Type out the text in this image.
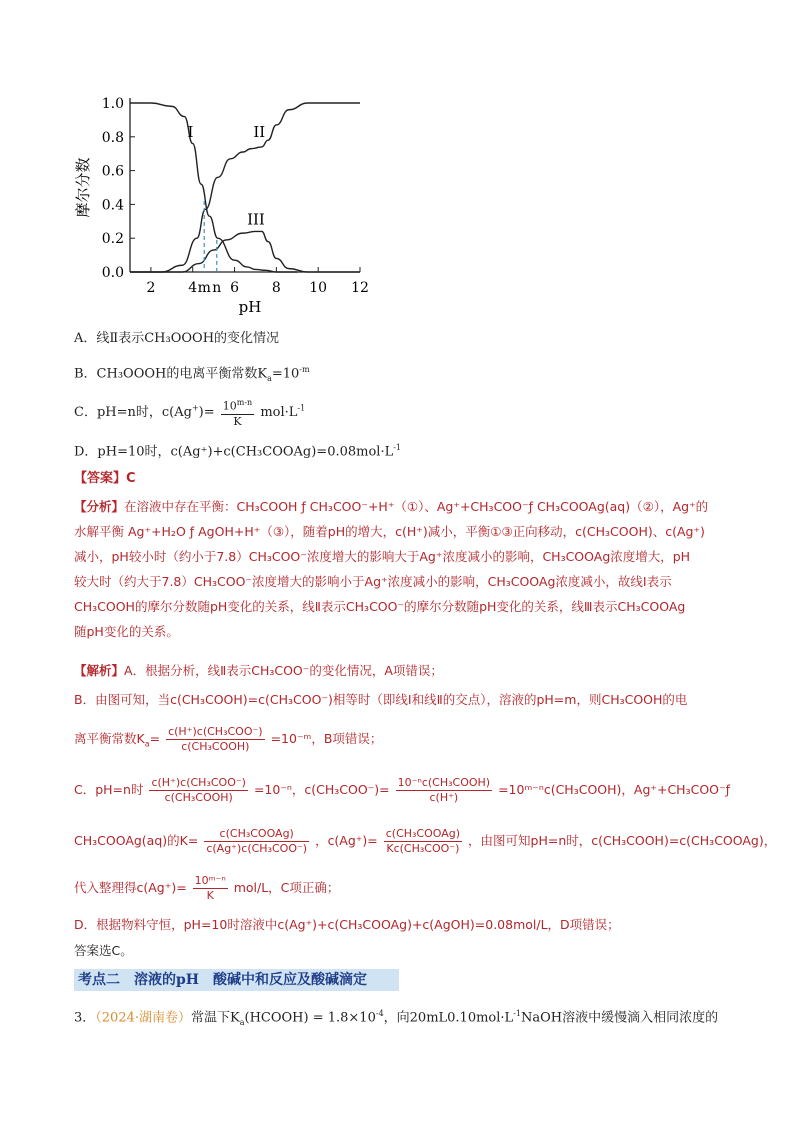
0.0
0.2
0.4
0.6
0.8
1.0
2 4 m n 6 8 10 12
摩尔分数
pH
I	II
III
A．线Ⅱ表示CH₃OOOH的变化情况
B．CH₃OOOH的电离平衡常数$K_a=10^{-m}$
C．pH=n时，$c(Ag^+)= \frac{10^{m-n}}{K} mol\cdot L^{-1}$
D．pH=10时，$c(Ag^+)+c(CH_3COOAg)=0.08mol\cdot L^{-1}$
【答案】C
【分析】在溶液中存在平衡：CH₃COOH ƒ CH₃COO⁻+H⁺（①）、Ag⁺+CH₃COO⁻ƒ CH₃COOAg(aq)（②），Ag⁺的
水解平衡 Ag⁺+H₂O ƒ AgOH+H⁺（③），随着pH的增大，c(H⁺)减小，平衡①③正向移动，c(CH₃COOH)、c(Ag⁺)
减小，pH较小时（约小于7.8）CH₃COO⁻浓度增大的影响大于Ag⁺浓度减小的影响，CH₃COOAg浓度增大，pH
较大时（约大于7.8）CH₃COO⁻浓度增大的影响小于Ag⁺浓度减小的影响，CH₃COOAg浓度减小，故线Ⅰ表示
CH₃COOH的摩尔分数随pH变化的关系，线Ⅱ表示CH₃COO⁻的摩尔分数随pH变化的关系，线Ⅲ表示CH₃COOAg
随pH变化的关系。
【解析】A．根据分析，线Ⅱ表示CH₃COO⁻的变化情况，A项错误；
B．由图可知，当c(CH₃COOH)=c(CH₃COO⁻)相等时（即线Ⅰ和线Ⅱ的交点），溶液的pH=m，则CH₃COOH的电
离平衡常数$K_a= \frac{\text{c(H⁺)c(CH₃COO⁻)}}{\text{c(CH₃COOH)}}$ =10⁻ᵐ，B项错误；
C．pH=n时 $\frac{\text{c(H⁺)c(CH₃COO⁻)}}{\text{c(CH₃COOH)}} =10^{-n}$，$c(CH_3COO^-)= \frac{\text{10⁻ⁿc(CH₃COOH)}}{c(H^+)}$ =10ᵐ⁻ⁿc(CH₃COOH)，Ag⁺+CH₃COO⁻ƒ
CH₃COOAg(aq)的$K= \frac{\text{c(CH₃COOAg)}}{\text{c(Ag⁺)c(CH₃COO⁻)}}$ ，$c(Ag^+)= \frac{\text{c(CH₃COOAg)}}{\text{Kc(CH₃COO⁻)}}$ ，由图可知pH=n时，c(CH₃COOH)=c(CH₃COOAg)，
代入整理得$c(Ag^+)= \frac{\text{10ᵐ⁻ⁿ}}{K} mol/L$，C项正确；
D．根据物料守恒，pH=10时溶液中c(Ag⁺)+c(CH₃COOAg)+c(AgOH)=0.08mol/L，D项错误；
答案选C。
考点二　溶液的pH　酸碱中和反应及酸碱滴定
3．（2024·湖南卷）常温下$K_a(HCOOH) = 1.8\times 10^{-4}$，向$20mL0.10mol\cdot L^{-1}NaOH$溶液中缓慢滴入相同浓度的
